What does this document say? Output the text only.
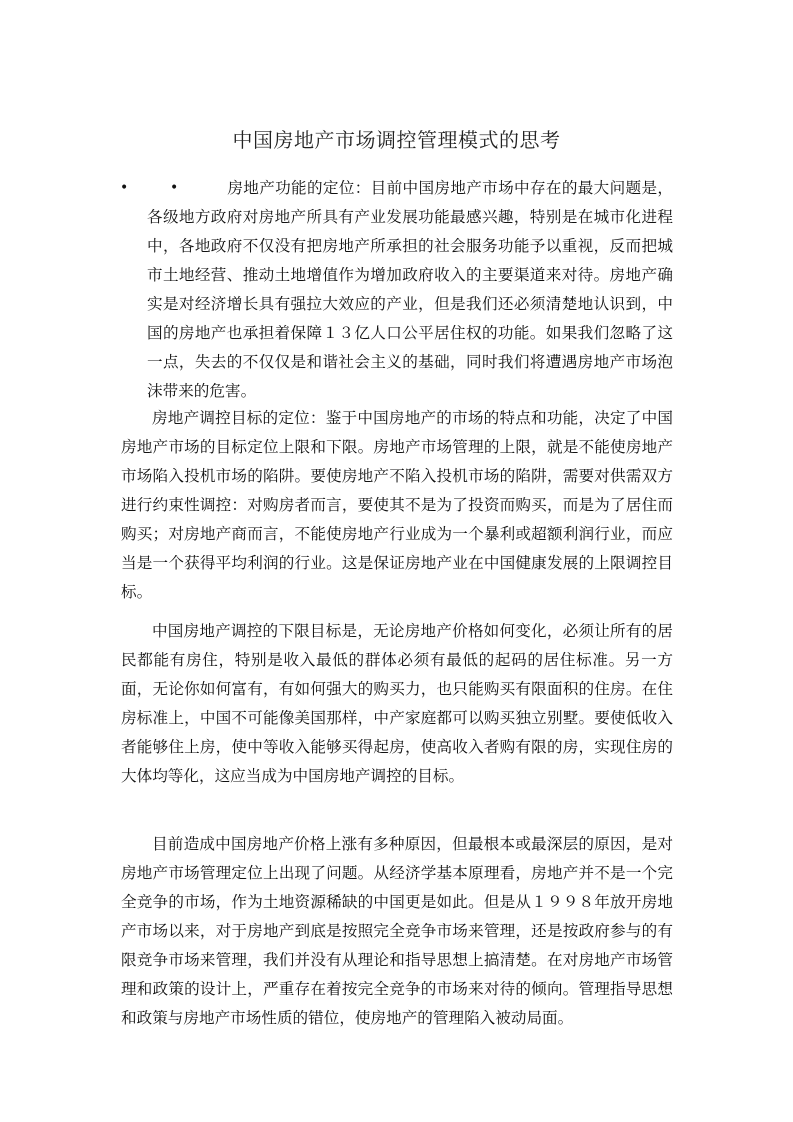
中国房地产市场调控管理模式的思考
•	•	房地产功能的定位：目前中国房地产市场中存在的最大问题是，各级地方政府对房地产所具有产业发展功能最感兴趣，特别是在城市化进程中，各地政府不仅没有把房地产所承担的社会服务功能予以重视，反而把城市土地经营、推动土地增值作为增加政府收入的主要渠道来对待。房地产确实是对经济增长具有强拉大效应的产业，但是我们还必须清楚地认识到，中国的房地产也承担着保障１３亿人口公平居住权的功能。如果我们忽略了这一点，失去的不仅仅是和谐社会主义的基础，同时我们将遭遇房地产市场泡沫带来的危害。

房地产调控目标的定位：鉴于中国房地产的市场的特点和功能，决定了中国房地产市场的目标定位上限和下限。房地产市场管理的上限，就是不能使房地产市场陷入投机市场的陷阱。要使房地产不陷入投机市场的陷阱，需要对供需双方进行约束性调控：对购房者而言，要使其不是为了投资而购买，而是为了居住而购买；对房地产商而言，不能使房地产行业成为一个暴利或超额利润行业，而应当是一个获得平均利润的行业。这是保证房地产业在中国健康发展的上限调控目标。

中国房地产调控的下限目标是，无论房地产价格如何变化，必须让所有的居民都能有房住，特别是收入最低的群体必须有最低的起码的居住标准。另一方面，无论你如何富有，有如何强大的购买力，也只能购买有限面积的住房。在住房标准上，中国不可能像美国那样，中产家庭都可以购买独立别墅。要使低收入者能够住上房，使中等收入能够买得起房，使高收入者购有限的房，实现住房的大体均等化，这应当成为中国房地产调控的目标。

目前造成中国房地产价格上涨有多种原因，但最根本或最深层的原因，是对房地产市场管理定位上出现了问题。从经济学基本原理看，房地产并不是一个完全竞争的市场，作为土地资源稀缺的中国更是如此。但是从１９９８年放开房地产市场以来，对于房地产到底是按照完全竞争市场来管理，还是按政府参与的有限竞争市场来管理，我们并没有从理论和指导思想上搞清楚。在对房地产市场管理和政策的设计上，严重存在着按完全竞争的市场来对待的倾向。管理指导思想和政策与房地产市场性质的错位，使房地产的管理陷入被动局面。
